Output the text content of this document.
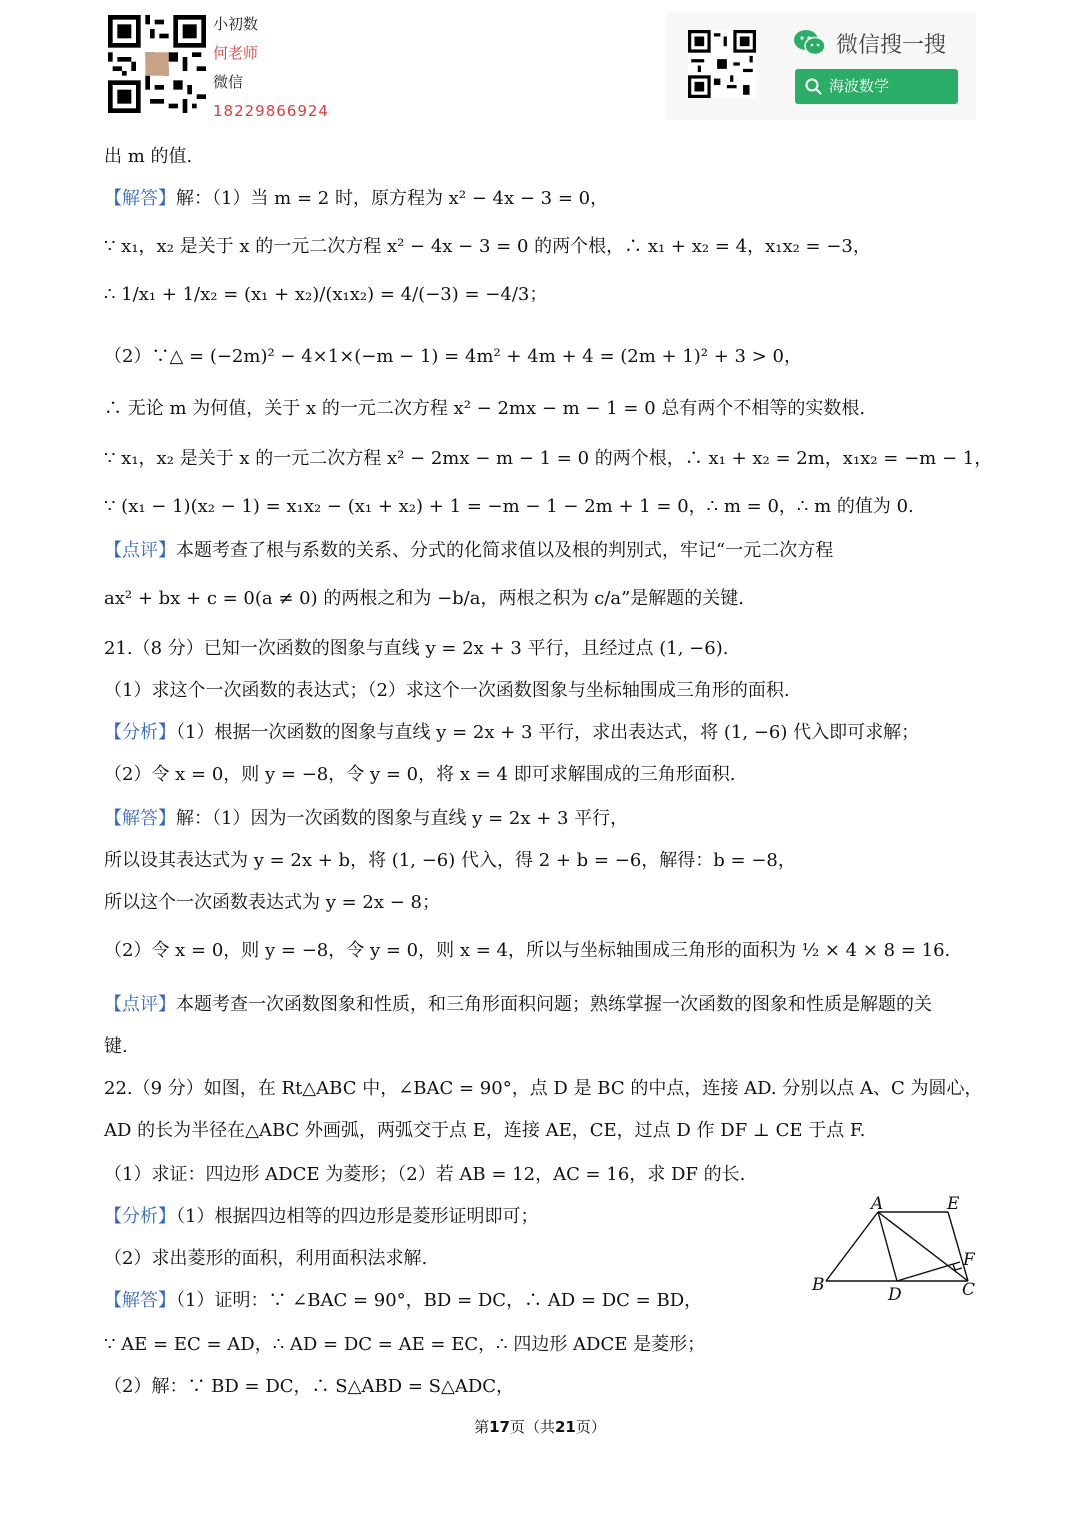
小初数
何老师
微信
18229866924
微信搜一搜
海波数学
出 m 的值.
【解答】解：（1）当 m = 2 时，原方程为 x² − 4x − 3 = 0，
∵ x₁，x₂ 是关于 x 的一元二次方程 x² − 4x − 3 = 0 的两个根，∴ x₁ + x₂ = 4，x₁x₂ = −3，
∴ 1/x₁ + 1/x₂ = (x₁ + x₂)/(x₁x₂) = 4/(−3) = −4/3；
（2）∵△ = (−2m)² − 4×1×(−m − 1) = 4m² + 4m + 4 = (2m + 1)² + 3 > 0，
∴ 无论 m 为何值，关于 x 的一元二次方程 x² − 2mx − m − 1 = 0 总有两个不相等的实数根.
∵ x₁，x₂ 是关于 x 的一元二次方程 x² − 2mx − m − 1 = 0 的两个根，∴ x₁ + x₂ = 2m，x₁x₂ = −m − 1，
∵ (x₁ − 1)(x₂ − 1) = x₁x₂ − (x₁ + x₂) + 1 = −m − 1 − 2m + 1 = 0，∴ m = 0，∴ m 的值为 0.
【点评】本题考查了根与系数的关系、分式的化简求值以及根的判别式，牢记“一元二次方程
ax² + bx + c = 0(a ≠ 0) 的两根之和为 −b/a，两根之积为 c/a”是解题的关键.
21.（8 分）已知一次函数的图象与直线 y = 2x + 3 平行，且经过点 (1, −6).
（1）求这个一次函数的表达式；（2）求这个一次函数图象与坐标轴围成三角形的面积.
【分析】（1）根据一次函数的图象与直线 y = 2x + 3 平行，求出表达式，将 (1, −6) 代入即可求解；
（2）令 x = 0，则 y = −8，令 y = 0，将 x = 4 即可求解围成的三角形面积.
【解答】解：（1）因为一次函数的图象与直线 y = 2x + 3 平行，
所以设其表达式为 y = 2x + b，将 (1, −6) 代入，得 2 + b = −6，解得：b = −8，
所以这个一次函数表达式为 y = 2x − 8；
（2）令 x = 0，则 y = −8，令 y = 0，则 x = 4，所以与坐标轴围成三角形的面积为 ½ × 4 × 8 = 16.
【点评】本题考查一次函数图象和性质，和三角形面积问题；熟练掌握一次函数的图象和性质是解题的关
键.
22.（9 分）如图，在 Rt△ABC 中，∠BAC = 90°，点 D 是 BC 的中点，连接 AD. 分别以点 A、C 为圆心，
AD 的长为半径在△ABC 外画弧，两弧交于点 E，连接 AE，CE，过点 D 作 DF ⊥ CE 于点 F.
（1）求证：四边形 ADCE 为菱形；（2）若 AB = 12，AC = 16，求 DF 的长.
【分析】（1）根据四边相等的四边形是菱形证明即可；
（2）求出菱形的面积，利用面积法求解.
【解答】（1）证明：∵ ∠BAC = 90°，BD = DC，∴ AD = DC = BD，
∵ AE = EC = AD，∴ AD = DC = AE = EC，∴ 四边形 ADCE 是菱形；
（2）解：∵ BD = DC，∴ S△ABD = S△ADC，
A	E
F
B	D	C
第17页（共21页）
